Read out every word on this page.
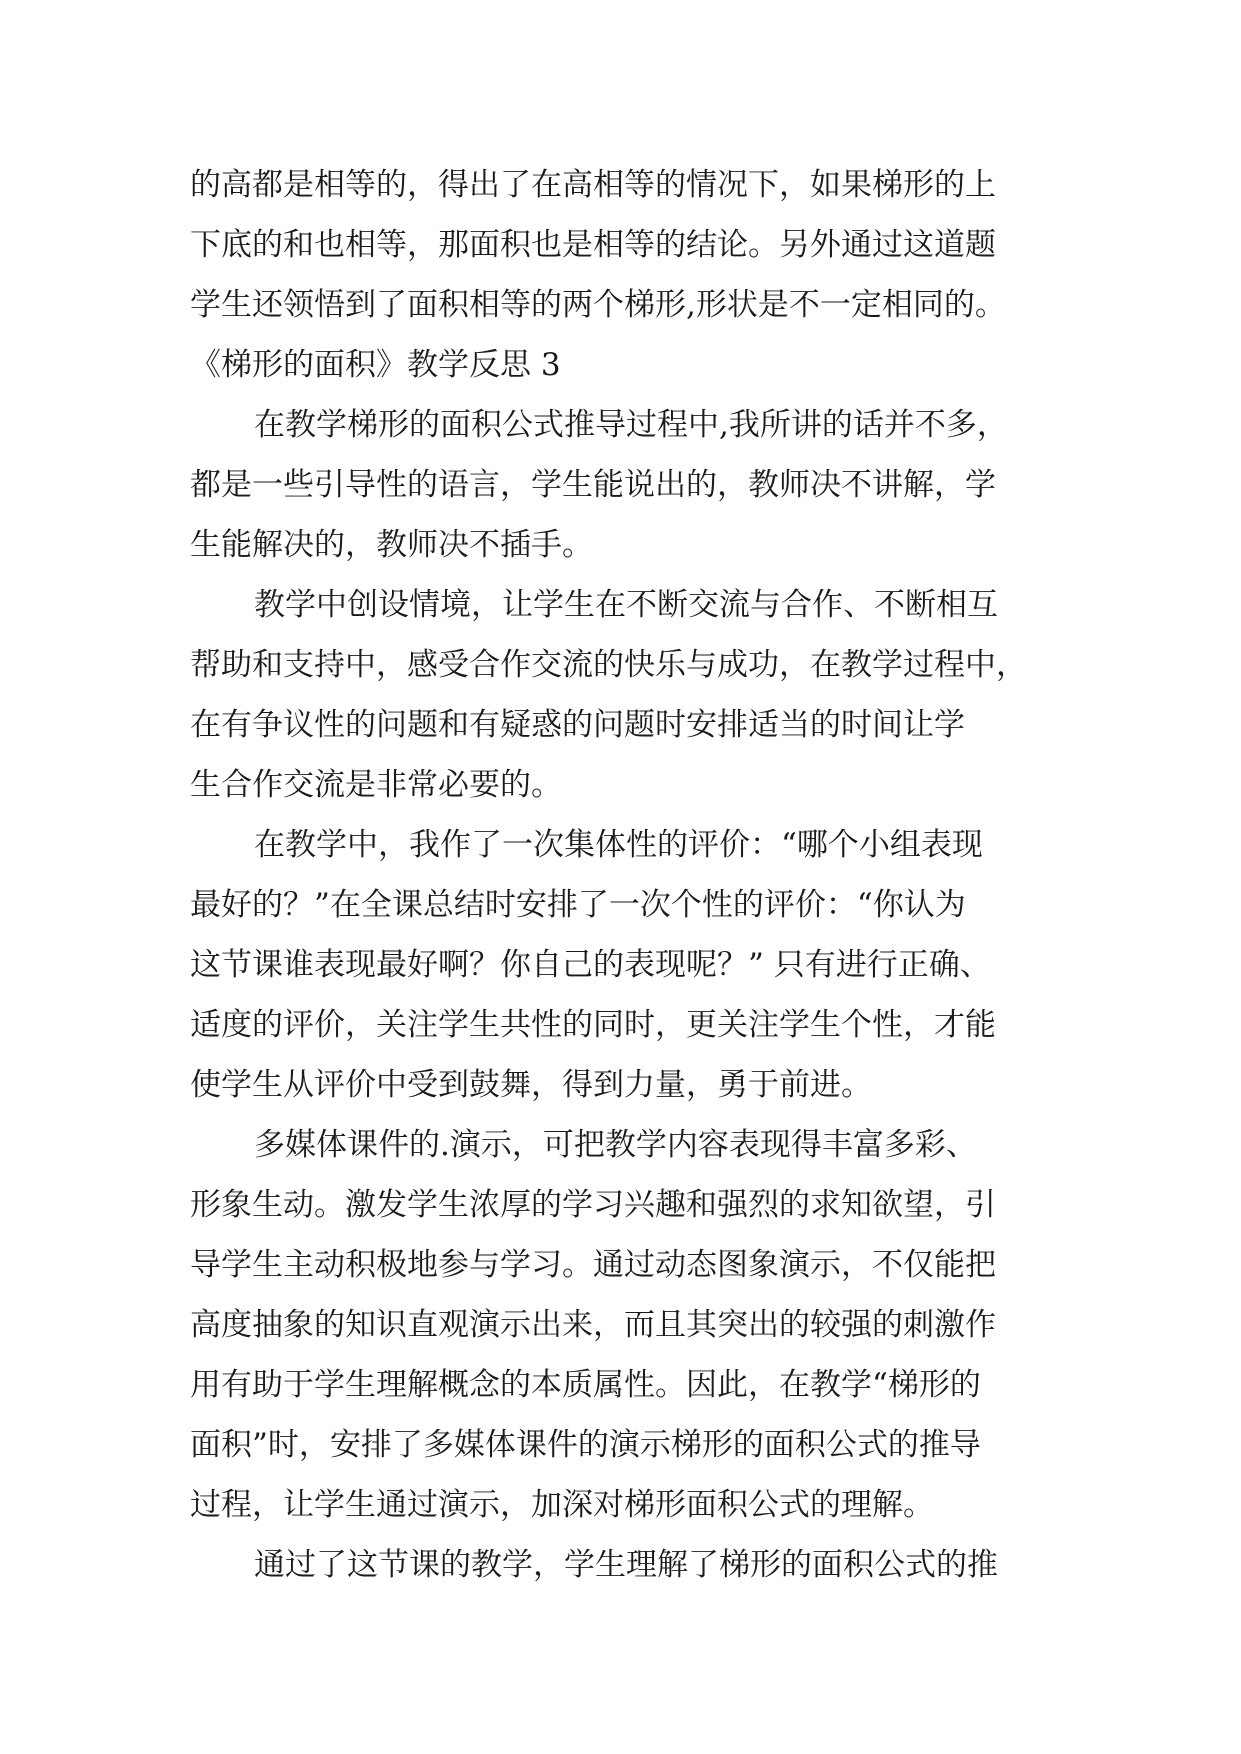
的高都是相等的，得出了在高相等的情况下，如果梯形的上
下底的和也相等，那面积也是相等的结论。另外通过这道题
学生还领悟到了面积相等的两个梯形,形状是不一定相同的。
《梯形的面积》教学反思 3
在教学梯形的面积公式推导过程中,我所讲的话并不多，
都是一些引导性的语言，学生能说出的，教师决不讲解，学
生能解决的，教师决不插手。
教学中创设情境，让学生在不断交流与合作、不断相互
帮助和支持中，感受合作交流的快乐与成功，在教学过程中，
在有争议性的问题和有疑惑的问题时安排适当的时间让学
生合作交流是非常必要的。
在教学中，我作了一次集体性的评价：“哪个小组表现
最好的？”在全课总结时安排了一次个性的评价：“你认为
这节课谁表现最好啊？你自己的表现呢？” 只有进行正确、
适度的评价，关注学生共性的同时，更关注学生个性，才能
使学生从评价中受到鼓舞，得到力量，勇于前进。
多媒体课件的.演示，可把教学内容表现得丰富多彩、
形象生动。激发学生浓厚的学习兴趣和强烈的求知欲望，引
导学生主动积极地参与学习。通过动态图象演示，不仅能把
高度抽象的知识直观演示出来，而且其突出的较强的刺激作
用有助于学生理解概念的本质属性。因此，在教学“梯形的
面积”时，安排了多媒体课件的演示梯形的面积公式的推导
过程，让学生通过演示，加深对梯形面积公式的理解。
通过了这节课的教学，学生理解了梯形的面积公式的推
